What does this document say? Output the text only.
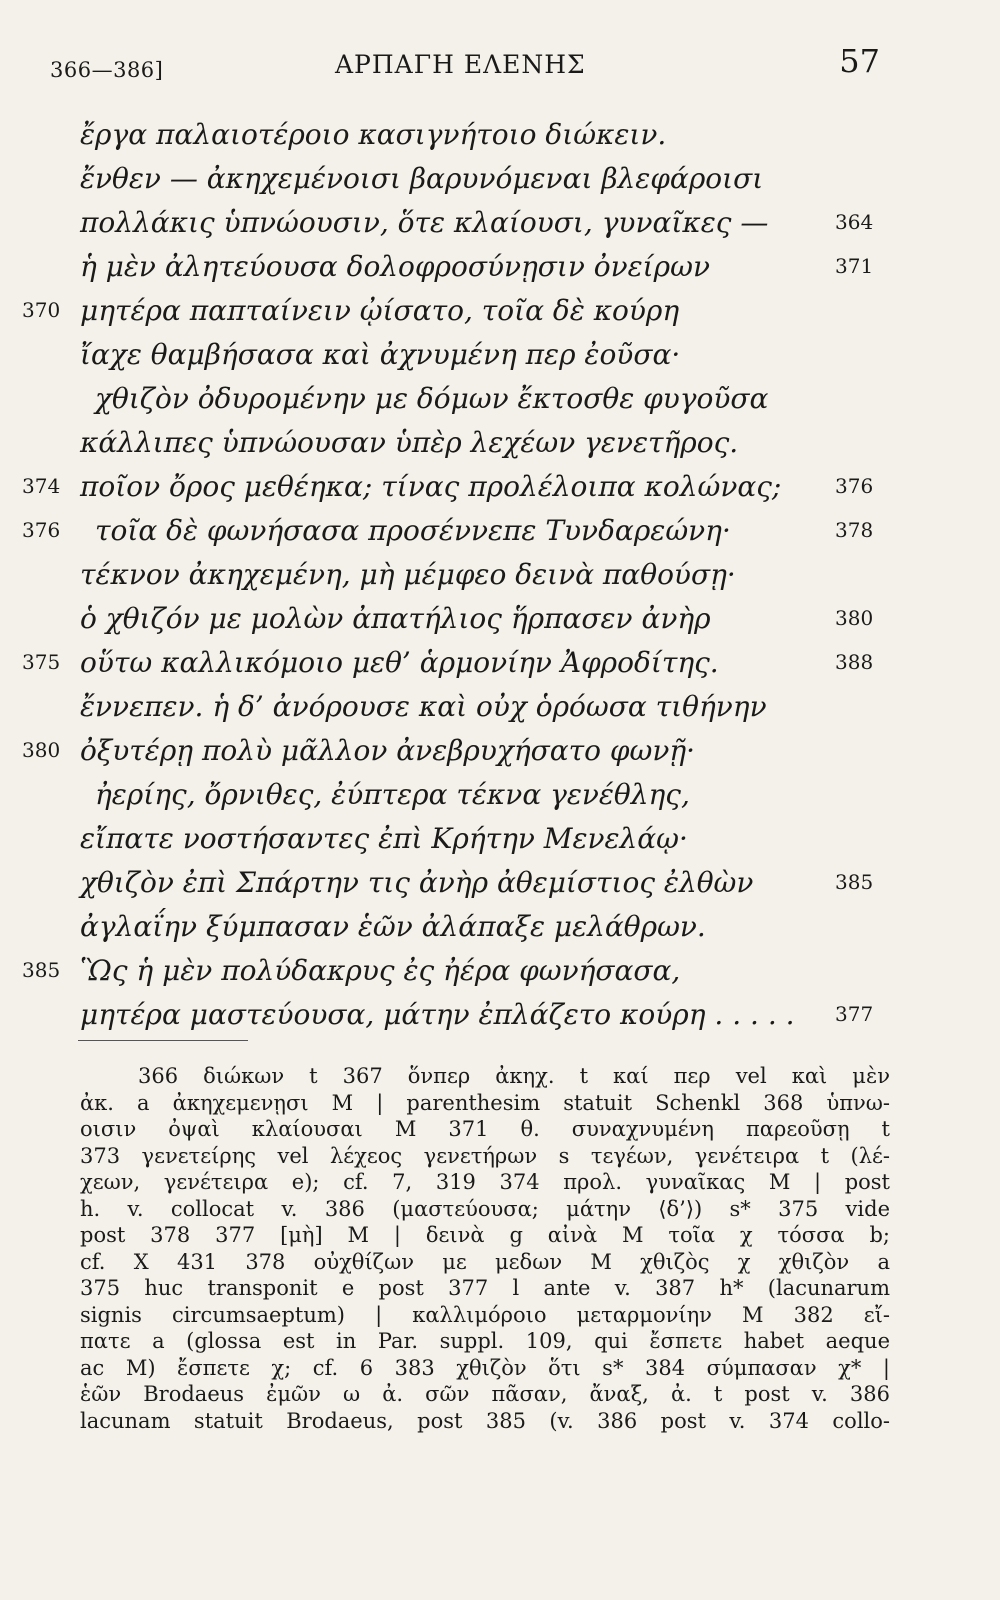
366—386]	ΑΡΠΑΓΗ ΕΛΕΝΗΣ	57
ἔργα παλαιοτέροιο κασιγνήτοιο διώκειν.
ἔνθεν — ἀκηχεμένοισι βαρυνόμεναι βλεφάροισι
πολλάκις ὑπνώουσιν, ὅτε κλαίουσι, γυναῖκες —	364
ἡ μὲν ἀλητεύουσα δολοφροσύνῃσιν ὀνείρων	371
370 μητέρα παπταίνειν ᾠίσατο, τοῖα δὲ κούρη
ἴαχε θαμβήσασα καὶ ἀχνυμένη περ ἐοῦσα·
χθιζὸν ὀδυρομένην με δόμων ἔκτοσθε φυγοῦσα
κάλλιπες ὑπνώουσαν ὑπὲρ λεχέων γενετῆρος.
374 ποῖον ὄρος μεθέηκα; τίνας προλέλοιπα κολώνας;	376
376 τοῖα δὲ φωνήσασα προσέννεπε Τυνδαρεώνη·	378
τέκνον ἀκηχεμένη, μὴ μέμφεο δεινὰ παθούσῃ·
ὁ χθιζόν με μολὼν ἀπατήλιος ἥρπασεν ἀνὴρ	380
375 οὕτω καλλικόμοιο μεθ’ ἁρμονίην Ἀφροδίτης.	388
ἔννεπεν. ἡ δ’ ἀνόρουσε καὶ οὐχ ὁρόωσα τιθήνην
380 ὀξυτέρῃ πολὺ μᾶλλον ἀνεβρυχήσατο φωνῇ·
ἠερίης, ὄρνιθες, ἐύπτερα τέκνα γενέθλης,
εἴπατε νοστήσαντες ἐπὶ Κρήτην Μενελάῳ·
χθιζὸν ἐπὶ Σπάρτην τις ἀνὴρ ἀθεμίστιος ἐλθὼν	385
ἀγλαΐην ξύμπασαν ἑῶν ἀλάπαξε μελάθρων.
385 Ὣς ἡ μὲν πολύδακρυς ἐς ἠέρα φωνήσασα,
μητέρα μαστεύουσα, μάτην ἐπλάζετο κούρη . . . . . 377
366 διώκων t 367 ὅνπερ ἀκηχ. t καί περ vel καὶ μὲν
ἀκ. a ἀκηχεμενῃσι M | parenthesim statuit Schenkl 368 ὑπνω-
οισιν ὀψαὶ κλαίουσαι M 371 θ. συναχνυμένη παρεοῦσῃ t
373 γενετείρης vel λέχεος γενετήρων s τεγέων, γενέτειρα t (λέ-
χεων, γενέτειρα e); cf. 7, 319 374 προλ. γυναῖκας M | post
h. v. collocat v. 386 (μαστεύουσα; μάτην ⟨δ’⟩) s* 375 vide
post 378 377 [μὴ] M | δεινὰ g αἰνὰ M τοῖα χ τόσσα b;
cf. X 431 378 οὐχθίζων με μεδων M χθιζὸς χ χθιζὸν a
375 huc transponit e post 377 l ante v. 387 h* (lacunarum
signis circumsaeptum) | καλλιμόροιο μεταρμονίην M 382 εἴ-
πατε a (glossa est in Par. suppl. 109, qui ἔσπετε habet aeque
ac M) ἔσπετε χ; cf. 6 383 χθιζὸν ὅτι s* 384 σύμπασαν χ* |
ἑῶν Brodaeus ἐμῶν ω ἀ. σῶν πᾶσαν, ἄναξ, ἀ. t post v. 386
lacunam statuit Brodaeus, post 385 (v. 386 post v. 374 collo-
